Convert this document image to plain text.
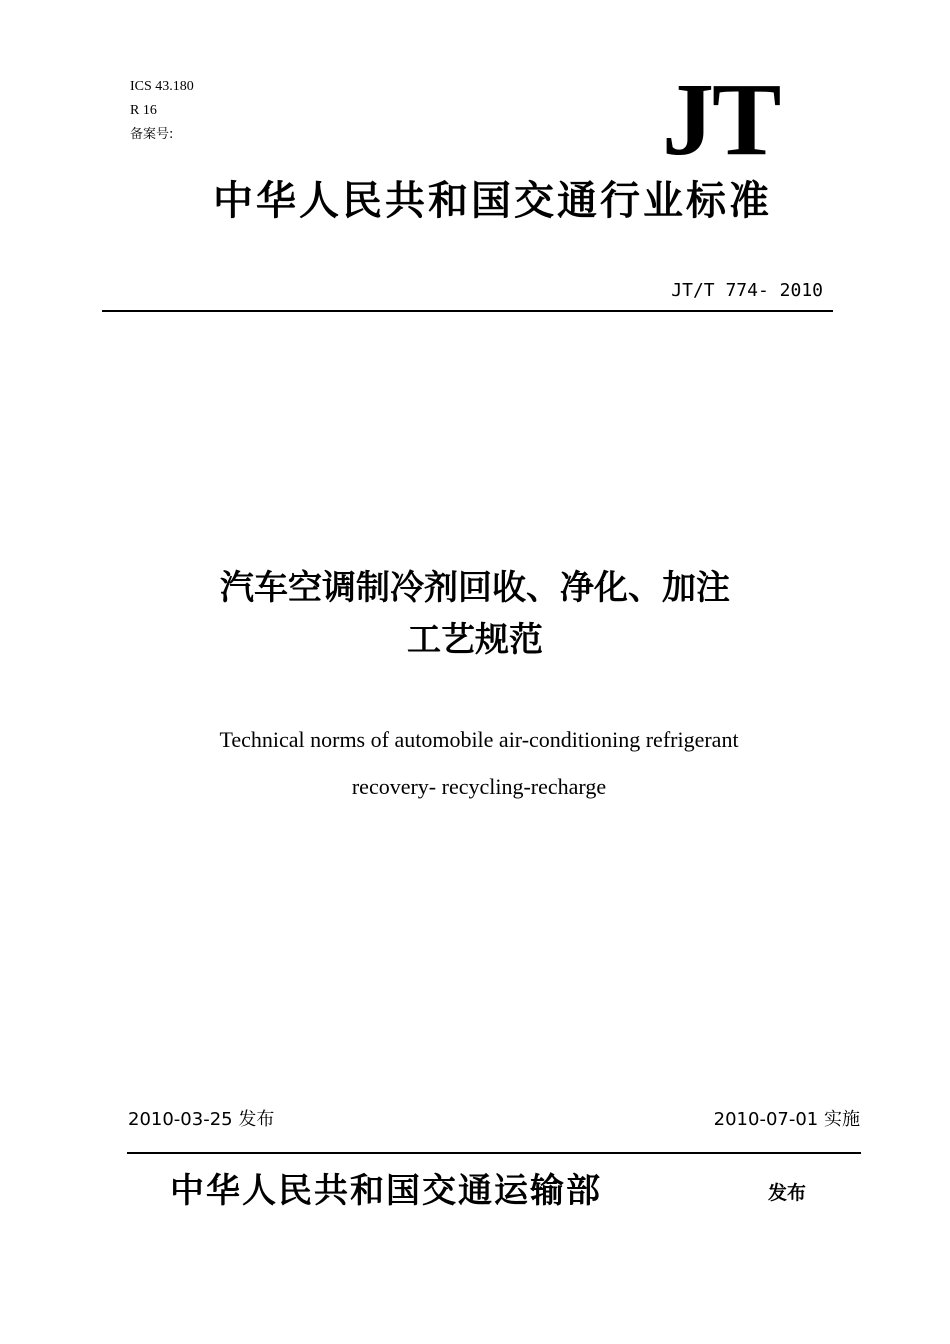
ICS 43.180
R 16
备案号:	JT
中华人民共和国交通行业标准
JT/T 774- 2010
汽车空调制冷剂回收、净化、加注
工艺规范
Technical norms of automobile air-conditioning refrigerant
recovery- recycling-recharge
2010-03-25 发布	2010-07-01 实施
中华人民共和国交通运输部	发布
